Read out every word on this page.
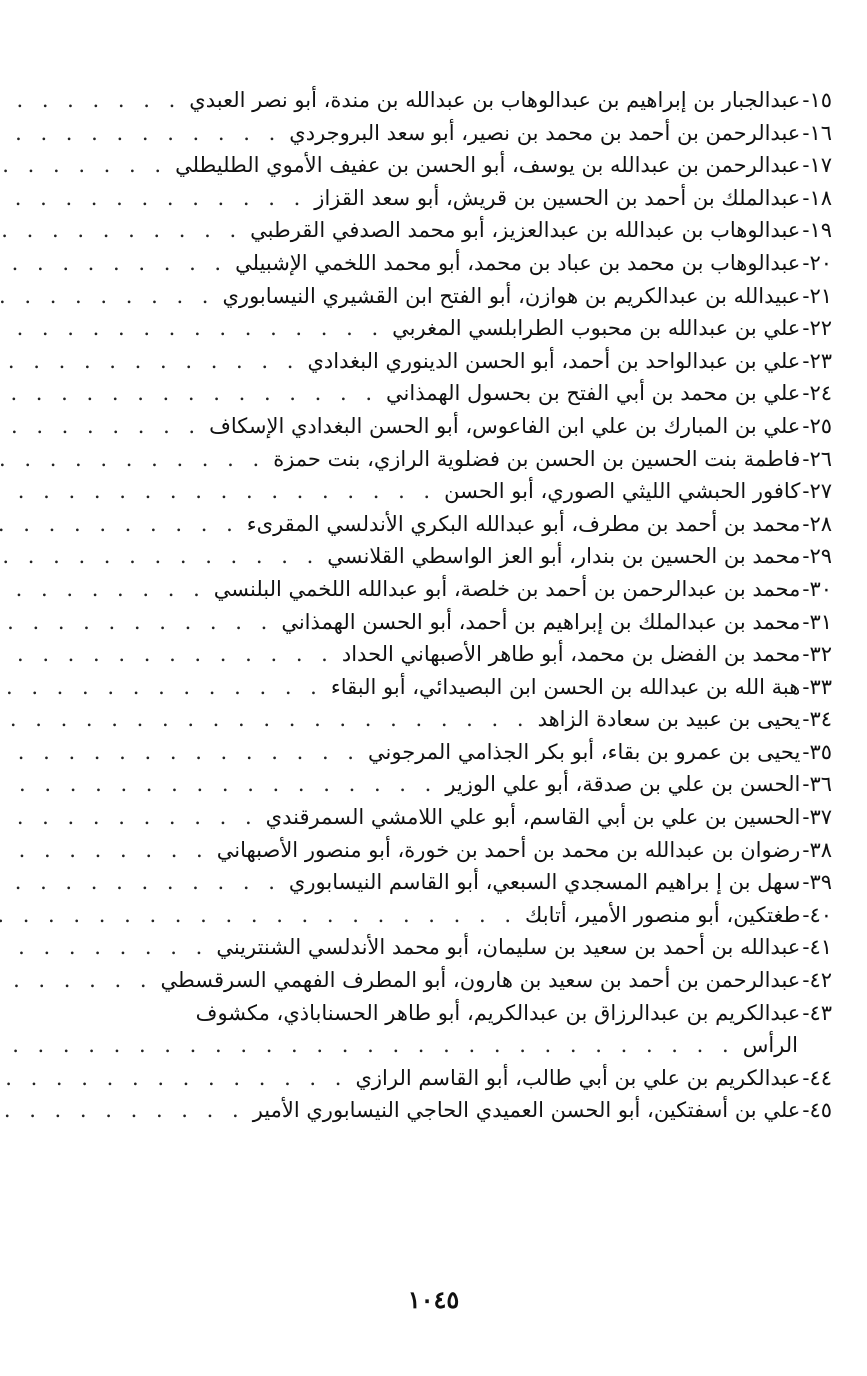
١٥-
عبدالجبار بن إبراهيم بن عبدالوهاب بن عبدالله بن مندة، أبو نصر العبدي
. . .
١٦-
عبدالرحمن بن أحمد بن محمد بن نصير، أبو سعد البروجردي
. . .
١٧-
عبدالرحمن بن عبدالله بن يوسف، أبو الحسن بن عفيف الأموي الطليطلي
. . .
١٨-
عبدالملك بن أحمد بن الحسين بن قريش، أبو سعد القزاز
. . .
١٩-
عبدالوهاب بن عبدالله بن عبدالعزيز، أبو محمد الصدفي القرطبي
. . .
٢٠-
عبدالوهاب بن محمد بن عباد بن محمد، أبو محمد اللخمي الإشبيلي
. . .
٢١-
عبيدالله بن عبدالكريم بن هوازن، أبو الفتح ابن القشيري النيسابوري
. . .
٢٢-
علي بن عبدالله بن محبوب الطرابلسي المغربي
. . .
٢٣-
علي بن عبدالواحد بن أحمد، أبو الحسن الدينوري البغدادي
. . .
٢٤-
علي بن محمد بن أبي الفتح بن بحسول الهمذاني
. . .
٢٥-
علي بن المبارك بن علي ابن الفاعوس، أبو الحسن البغدادي الإسكاف
. . .
٢٦-
فاطمة بنت الحسين بن الحسن بن فضلوية الرازي، بنت حمزة
. . .
٢٧-
كافور الحبشي الليثي الصوري، أبو الحسن
. . .
٢٨-
محمد بن أحمد بن مطرف، أبو عبدالله البكري الأندلسي المقرىء
. . .
٢٩-
محمد بن الحسين بن بندار، أبو العز الواسطي القلانسي
. . .
٣٠-
محمد بن عبدالرحمن بن أحمد بن خلصة، أبو عبدالله اللخمي البلنسي
. . .
٣١-
محمد بن عبدالملك بن إبراهيم بن أحمد، أبو الحسن الهمذاني
. . .
٣٢-
محمد بن الفضل بن محمد، أبو طاهر الأصبهاني الحداد
. . .
٣٣-
هبة الله بن عبدالله بن الحسن ابن البصيدائي، أبو البقاء
. . .
٣٤-
يحيى بن عبيد بن سعادة الزاهد
. . .
٣٥-
يحيى بن عمرو بن بقاء، أبو بكر الجذامي المرجوني
. . .
٣٦-
الحسن بن علي بن صدقة، أبو علي الوزير
. . .
٣٧-
الحسين بن علي بن أبي القاسم، أبو علي اللامشي السمرقندي
. . .
٣٨-
رضوان بن عبدالله بن محمد بن أحمد بن خورة، أبو منصور الأصبهاني
. . .
٣٩-
سهل بن إ براهيم المسجدي السبعي، أبو القاسم النيسابوري
. . .
٤٠-
طغتكين، أبو منصور الأمير، أتابك
. . .
٤١-
عبدالله بن أحمد بن سعيد بن سليمان، أبو محمد الأندلسي الشنتريني
. . .
٤٢-
عبدالرحمن بن أحمد بن سعيد بن هارون، أبو المطرف الفهمي السرقسطي
. . .
٤٣-
عبدالكريم بن عبدالرزاق بن عبدالكريم، أبو طاهر الحسناباذي، مكشوف
الرأس
. . .
٤٤-
عبدالكريم بن علي بن أبي طالب، أبو القاسم الرازي
. . .
٤٥-
علي بن أسفتكين، أبو الحسن العميدي الحاجي النيسابوري الأمير
. . .
١٠٤٥
